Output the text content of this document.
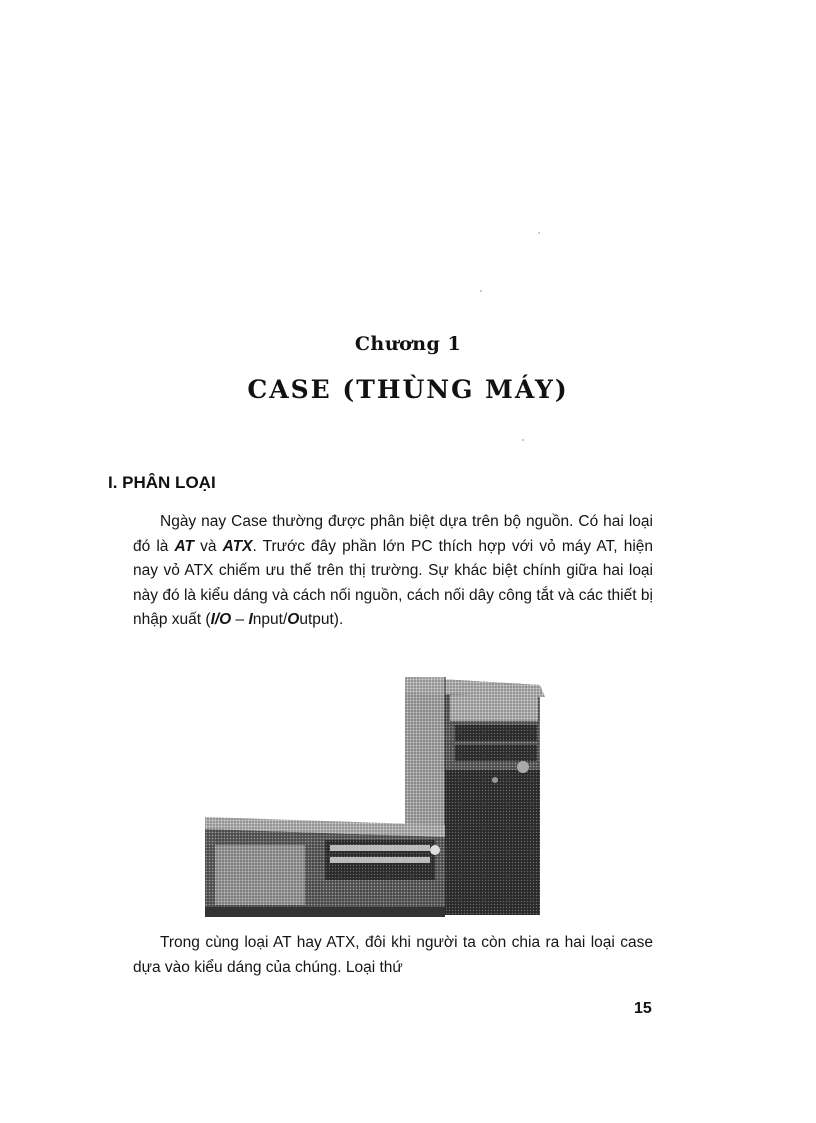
Chương 1
CASE (THÙNG MÁY)
I. PHÂN LOẠI
Ngày nay Case thường được phân biệt dựa trên bộ nguồn. Có hai loại đó là AT và ATX. Trước đây phần lớn PC thích hợp với vỏ máy AT, hiện nay vỏ ATX chiếm ưu thế trên thị trường. Sự khác biệt chính giữa hai loại này đó là kiểu dáng và cách nối nguồn, cách nối dây công tắt và các thiết bị nhập xuất (I/O – Input/Output).
Trong cùng loại AT hay ATX, đôi khi người ta còn chia ra hai loại case dựa vào kiểu dáng của chúng. Loại thứ
15
